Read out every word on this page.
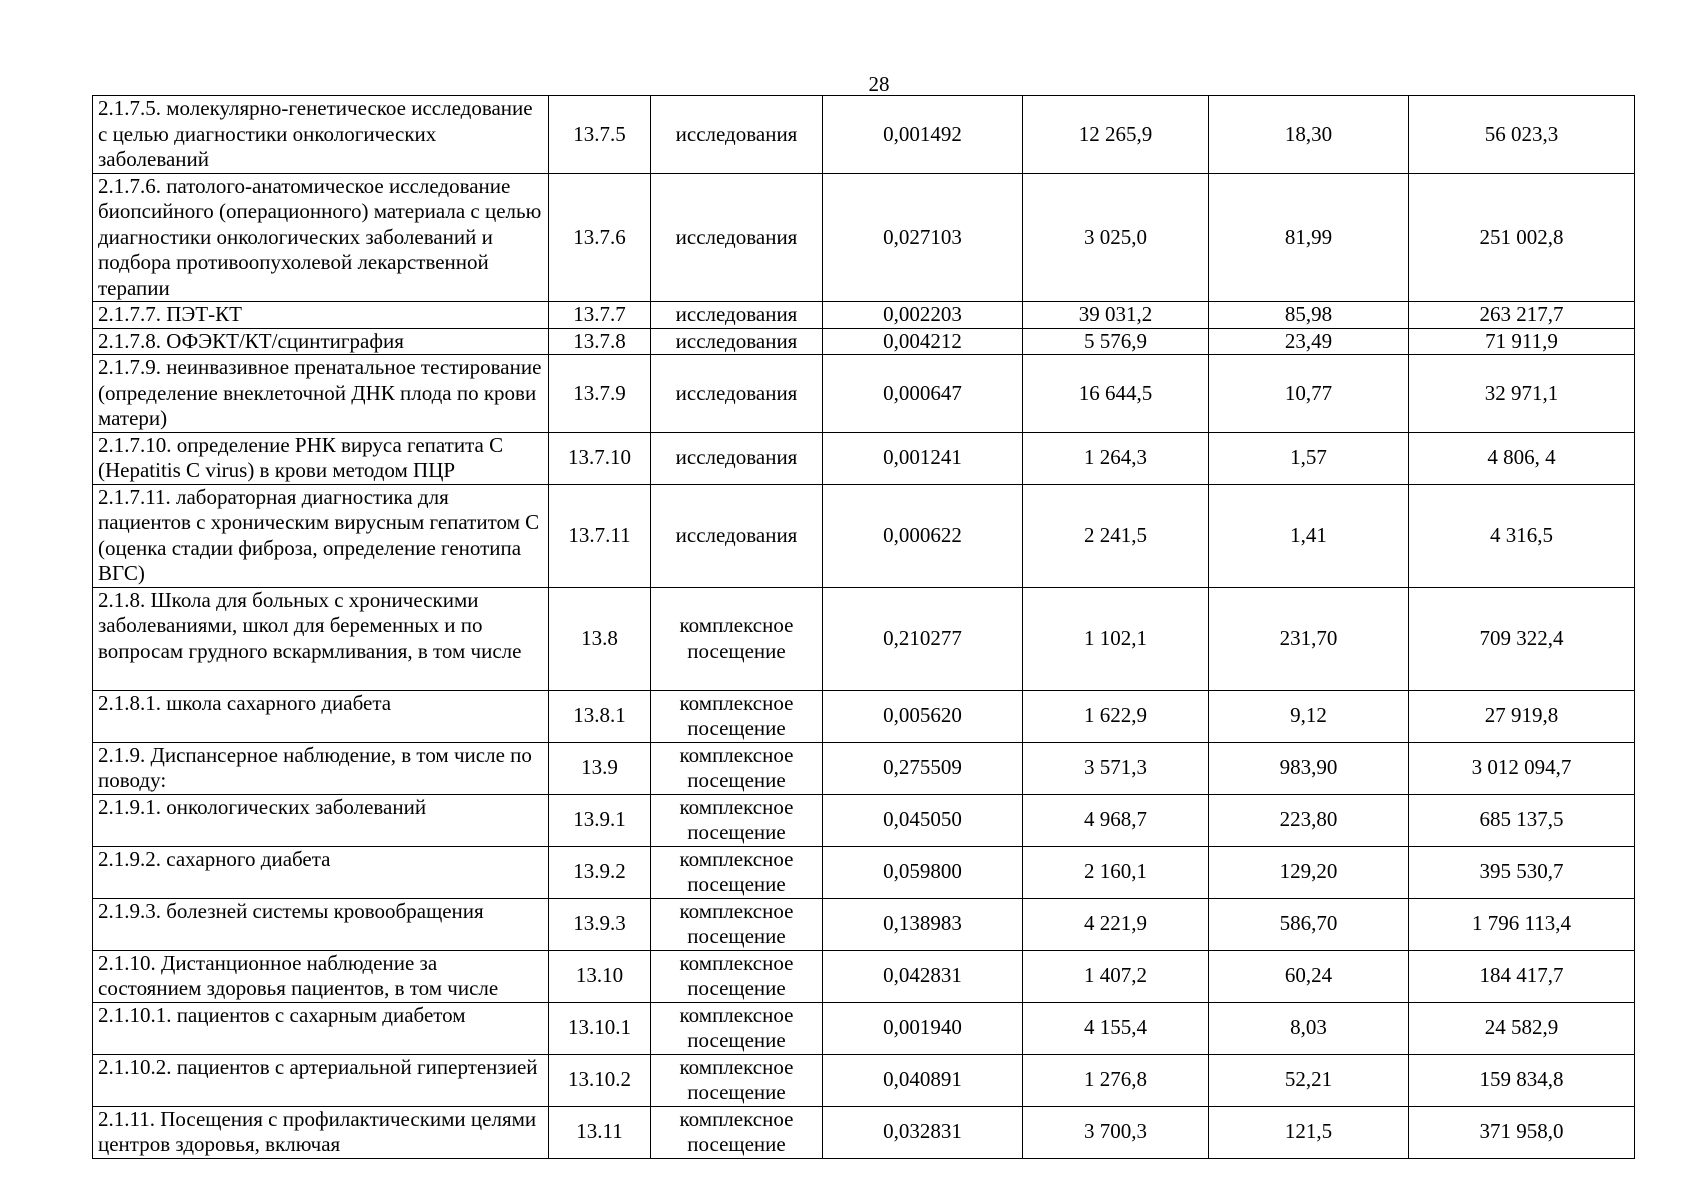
28
2.1.7.5. молекулярно-генетическое исследование с целью диагностики онкологических заболеваний	13.7.5	исследования	0,001492	12 265,9	18,30	56 023,3
2.1.7.6. патолого-анатомическое исследование биопсийного (операционного) материала с целью диагностики онкологических заболеваний и подбора противоопухолевой лекарственной терапии	13.7.6	исследования	0,027103	3 025,0	81,99	251 002,8
2.1.7.7. ПЭТ-КТ	13.7.7	исследования	0,002203	39 031,2	85,98	263 217,7
2.1.7.8. ОФЭКТ/КТ/сцинтиграфия	13.7.8	исследования	0,004212	5 576,9	23,49	71 911,9
2.1.7.9. неинвазивное пренатальное тестирование (определение внеклеточной ДНК плода по крови матери)	13.7.9	исследования	0,000647	16 644,5	10,77	32 971,1
2.1.7.10. определение РНК вируса гепатита C (Hepatitis C virus) в крови методом ПЦР	13.7.10	исследования	0,001241	1 264,3	1,57	4 806, 4
2.1.7.11. лабораторная диагностика для пациентов с хроническим вирусным гепатитом C (оценка стадии фиброза, определение генотипа ВГС)	13.7.11	исследования	0,000622	2 241,5	1,41	4 316,5
2.1.8. Школа для больных с хроническими заболеваниями, школ для беременных и по вопросам грудного вскармливания, в том числе	13.8	комплексное посещение	0,210277	1 102,1	231,70	709 322,4
2.1.8.1. школа сахарного диабета	13.8.1	комплексное посещение	0,005620	1 622,9	9,12	27 919,8
2.1.9. Диспансерное наблюдение, в том числе по поводу:	13.9	комплексное посещение	0,275509	3 571,3	983,90	3 012 094,7
2.1.9.1. онкологических заболеваний	13.9.1	комплексное посещение	0,045050	4 968,7	223,80	685 137,5
2.1.9.2. сахарного диабета	13.9.2	комплексное посещение	0,059800	2 160,1	129,20	395 530,7
2.1.9.3. болезней системы кровообращения	13.9.3	комплексное посещение	0,138983	4 221,9	586,70	1 796 113,4
2.1.10. Дистанционное наблюдение за состоянием здоровья пациентов, в том числе	13.10	комплексное посещение	0,042831	1 407,2	60,24	184 417,7
2.1.10.1. пациентов с сахарным диабетом	13.10.1	комплексное посещение	0,001940	4 155,4	8,03	24 582,9
2.1.10.2. пациентов с артериальной гипертензией	13.10.2	комплексное посещение	0,040891	1 276,8	52,21	159 834,8
2.1.11. Посещения с профилактическими целями центров здоровья, включая	13.11	комплексное посещение	0,032831	3 700,3	121,5	371 958,0
